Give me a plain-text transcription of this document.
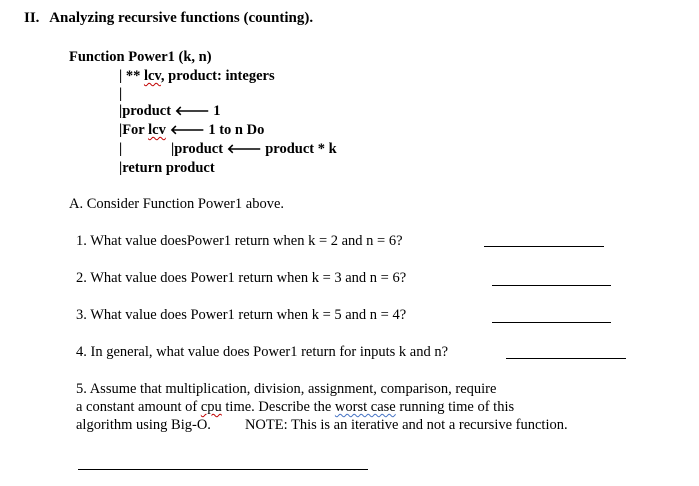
II. Analyzing recursive functions (counting).
Function Power1 (k, n)
| ** lcv, product: integers
|
|product 🡐 1
|For lcv 🡐 1 to n Do
|	|product 🡐 product * k
|return product
A. Consider Function Power1 above.
1. What value doesPower1 return when k = 2 and n = 6?
2. What value does Power1 return when k = 3 and n = 6?
3. What value does Power1 return when k = 5 and n = 4?
4. In general, what value does Power1 return for inputs k and n?
5. Assume that multiplication, division, assignment, comparison, require
a constant amount of cpu time. Describe the worst case running time of this
algorithm using Big-O. NOTE: This is an iterative and not a recursive function.
